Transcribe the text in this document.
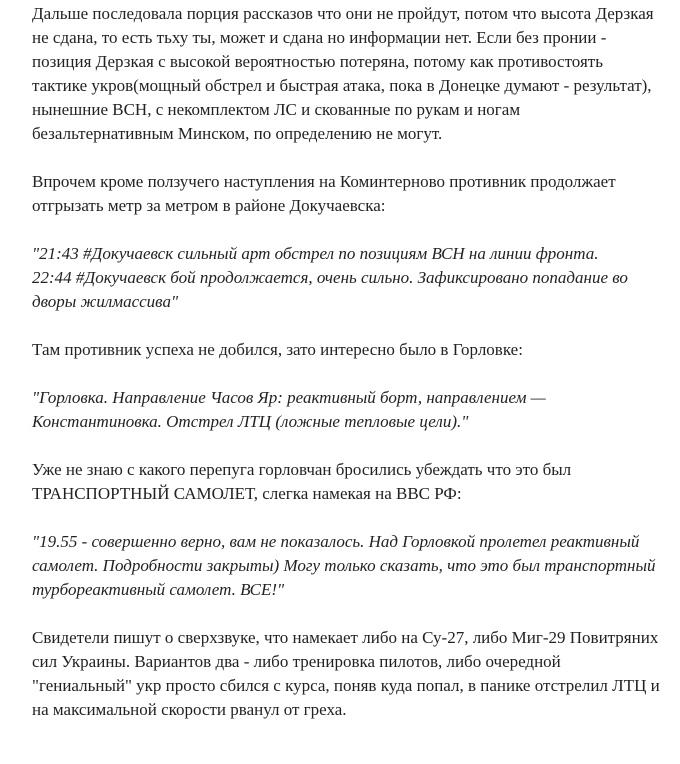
Дальше последовала порция рассказов что они не пройдут, потом что высота Дерзкая не сдана, то есть тьху ты, может и сдана но информации нет. Если без пронии - позиция Дерзкая с высокой вероятностью потеряна, потому как противостоять тактике укров(мощный обстрел и быстрая атака, пока в Донецке думают - результат), нынешние ВСН, с некомплектом ЛС и скованные по рукам и ногам безальтернативным Минском, по определению не могут.

Впрочем кроме ползучего наступления на Коминтерново противник продолжает отгрызать метр за метром в районе Докучаевска:

"21:43 #Докучаевск сильный арт обстрел по позициям ВСН на линии фронта.
22:44 #Докучаевск бой продолжается, очень сильно. Зафиксировано попадание во дворы жилмассива"

Там противник успеха не добился, зато интересно было в Горловке:

"Горловка. Направление Часов Яр: реактивный борт, направлением — Константиновка. Отстрел ЛТЦ (ложные тепловые цели)."

Уже не знаю с какого перепуга горловчан бросились убеждать что это был ТРАНСПОРТНЫЙ САМОЛЕТ, слегка намекая на ВВС РФ:

"19.55 - совершенно верно, вам не показалось. Над Горловкой пролетел реактивный самолет. Подробности закрыты) Могу только сказать, что это был транспортный турбореактивный самолет. ВСЕ!"

Свидетели пишут о сверхзвуке, что намекает либо на Су-27, либо Миг-29 Повитряних сил Украины. Вариантов два - либо тренировка пилотов, либо очередной "гениальный" укр просто сбился с курса, поняв куда попал, в панике отстрелил ЛТЦ и на максимальной скорости рванул от греха.
